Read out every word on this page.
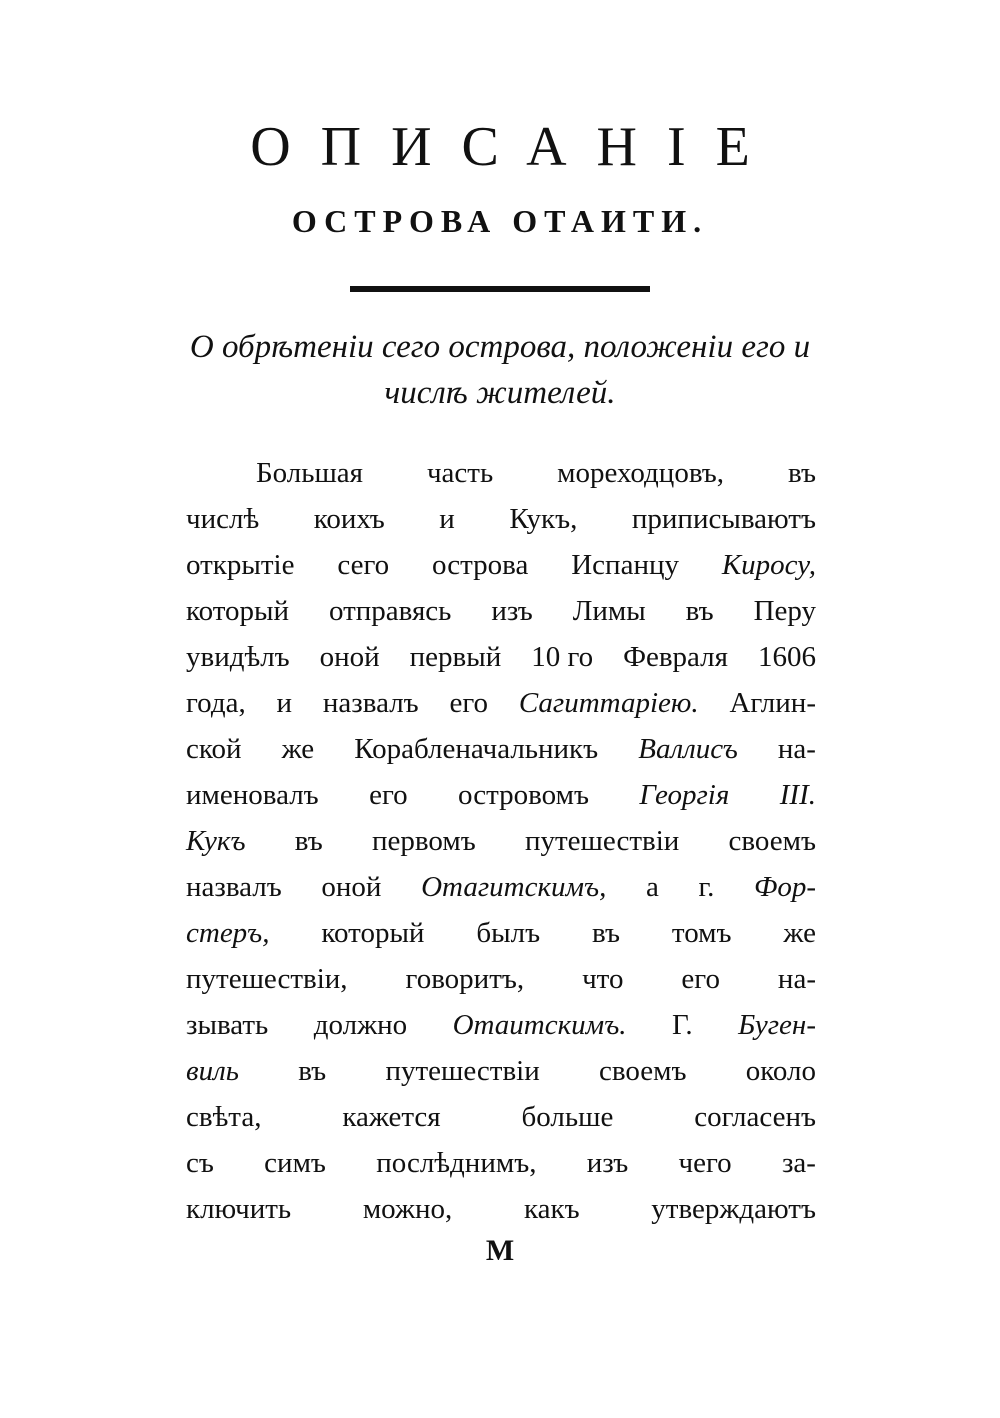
ОПИСАНІЕ
ОСТРОВА ОТАИТИ.
О обрѣтеніи сего острова, положеніи его и числѣ жителей.
Большая часть мореходцовъ, въ
числѣ коихъ и Кукъ, приписываютъ
открытіе сего острова Испанцу Киросу,
который отправясь изъ Лимы въ Перу
увидѣлъ оной первый 10 го Февраля 1606
года, и назвалъ его Сагиттаріею. Аглин-
ской же Корабленачальникъ Валлисъ на-
именовалъ его островомъ Георгія III.
Кукъ въ первомъ путешествіи своемъ
назвалъ оной Отагитскимъ, а г. Фор-
стеръ, который былъ въ томъ же
путешествіи, говоритъ, что его на-
зывать должно Отаитскимъ. Г. Буген-
виль въ путешествіи своемъ около
свѣта,	кажется	больше	согласенъ
съ симъ послѣднимъ, изъ чего за-
ключить можно, какъ утверждаютъ
М
